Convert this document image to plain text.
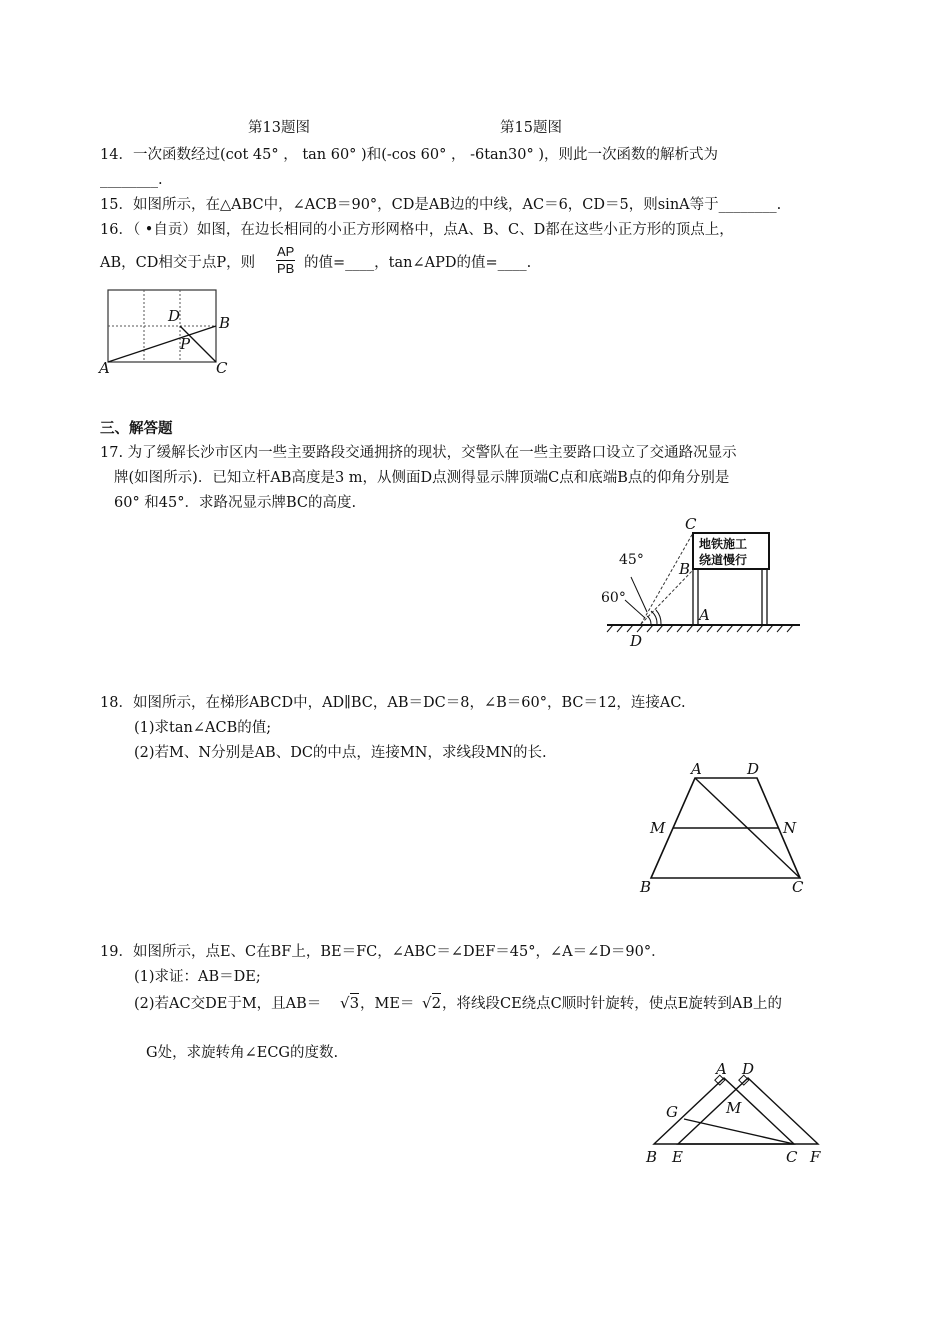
第13题图	第15题图
14．一次函数经过(cot 45° ， tan 60° )和(-cos 60° ， -6tan30° )，则此一次函数的解析式为
________.
15．如图所示，在△ABC中，∠ACB＝90°，CD是AB边的中线，AC＝6，CD＝5，则sinA等于________.
16．（ •自贡）如图，在边长相同的小正方形网格中，点A、B、C、D都在这些小正方形的顶点上，
AB，CD相交于点P，则 $\frac{AP}{PB}$ 的值=____，tan∠APD的值=____.
A
B
C
D
P
三、解答题
17. 为了缓解长沙市区内一些主要路段交通拥挤的现状，交警队在一些主要路口设立了交通路况显示
牌(如图所示)．已知立杆AB高度是3 m，从侧面D点测得显示牌顶端C点和底端B点的仰角分别是
60° 和45°．求路况显示牌BC的高度.
地铁施工
绕道慢行
45°
60°
C
B
A
D
18．如图所示，在梯形ABCD中，AD∥BC，AB＝DC＝8，∠B＝60°，BC＝12，连接AC.
(1)求tan∠ACB的值;
(2)若M、N分别是AB、DC的中点，连接MN，求线段MN的长.
A	D
M	N
B	C
19．如图所示，点E、C在BF上，BE＝FC，∠ABC＝∠DEF＝45°，∠A＝∠D＝90°．
(1)求证：AB＝DE;
(2)若AC交DE于M，且AB＝ √3 ，ME＝ √2 ，将线段CE绕点C顺时针旋转，使点E旋转到AB上的
G处，求旋转角∠ECG的度数.
A D
G	M
B E	C F
